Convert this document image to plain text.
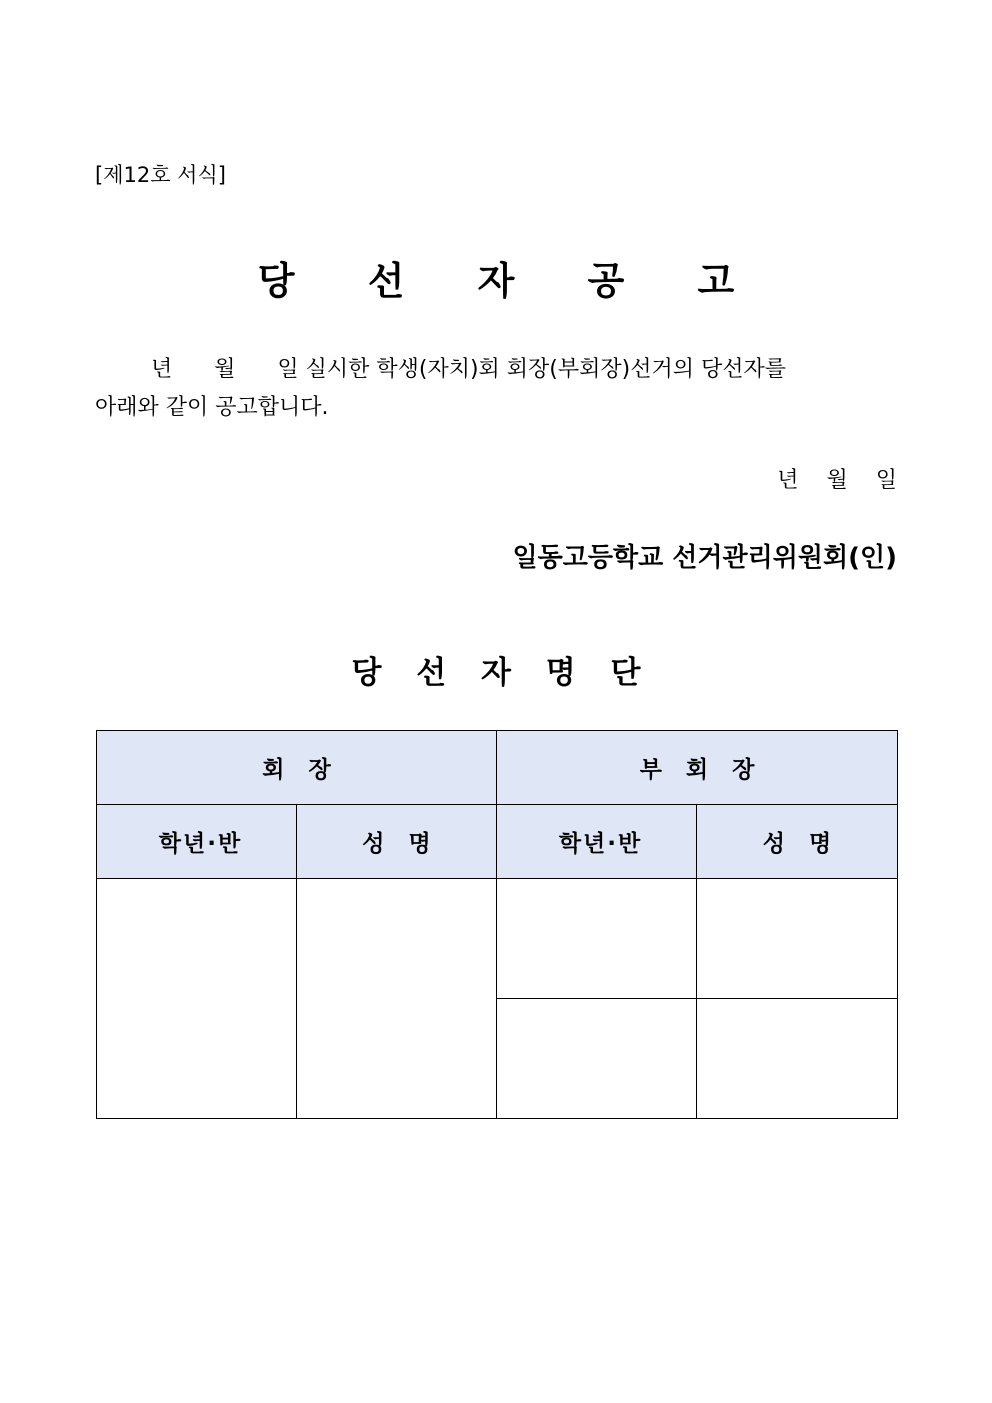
[제12호 서식]
당 선 자 공 고
년      월      일 실시한 학생(자치)회 회장(부회장)선거의 당선자를
아래와 같이 공고합니다.
년    월    일
일동고등학교 선거관리위원회(인)
당 선 자 명 단
회 장		부 회 장	
학년·반	성 명	학년·반	성 명
